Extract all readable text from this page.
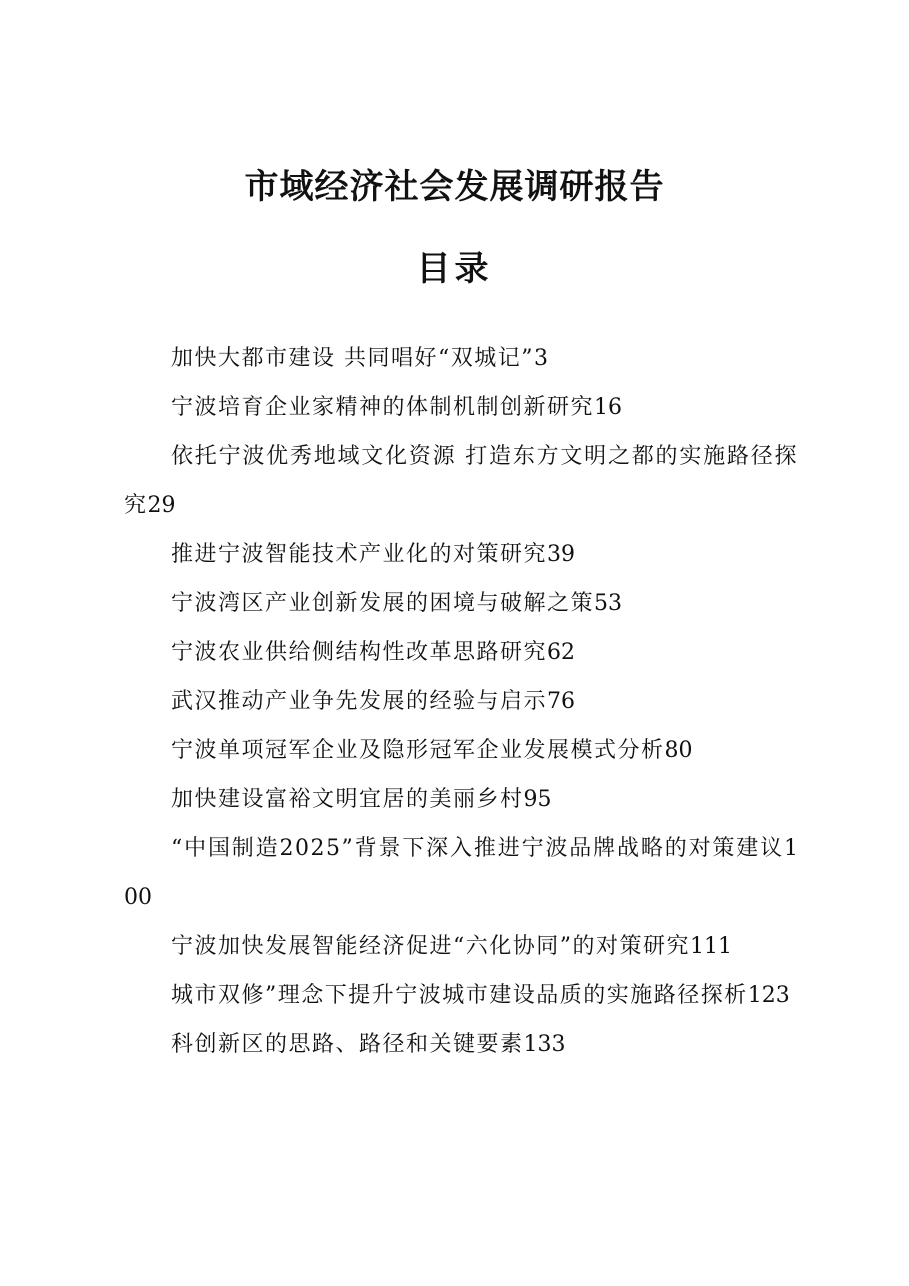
市域经济社会发展调研报告
目录
加快大都市建设 共同唱好“双城记”3
宁波培育企业家精神的体制机制创新研究16
依托宁波优秀地域文化资源 打造东方文明之都的实施路径探究29
推进宁波智能技术产业化的对策研究39
宁波湾区产业创新发展的困境与破解之策53
宁波农业供给侧结构性改革思路研究62
武汉推动产业争先发展的经验与启示76
宁波单项冠军企业及隐形冠军企业发展模式分析80
加快建设富裕文明宜居的美丽乡村95
“中国制造2025”背景下深入推进宁波品牌战略的对策建议100
宁波加快发展智能经济促进“六化协同”的对策研究111
城市双修”理念下提升宁波城市建设品质的实施路径探析123
科创新区的思路、路径和关键要素133
